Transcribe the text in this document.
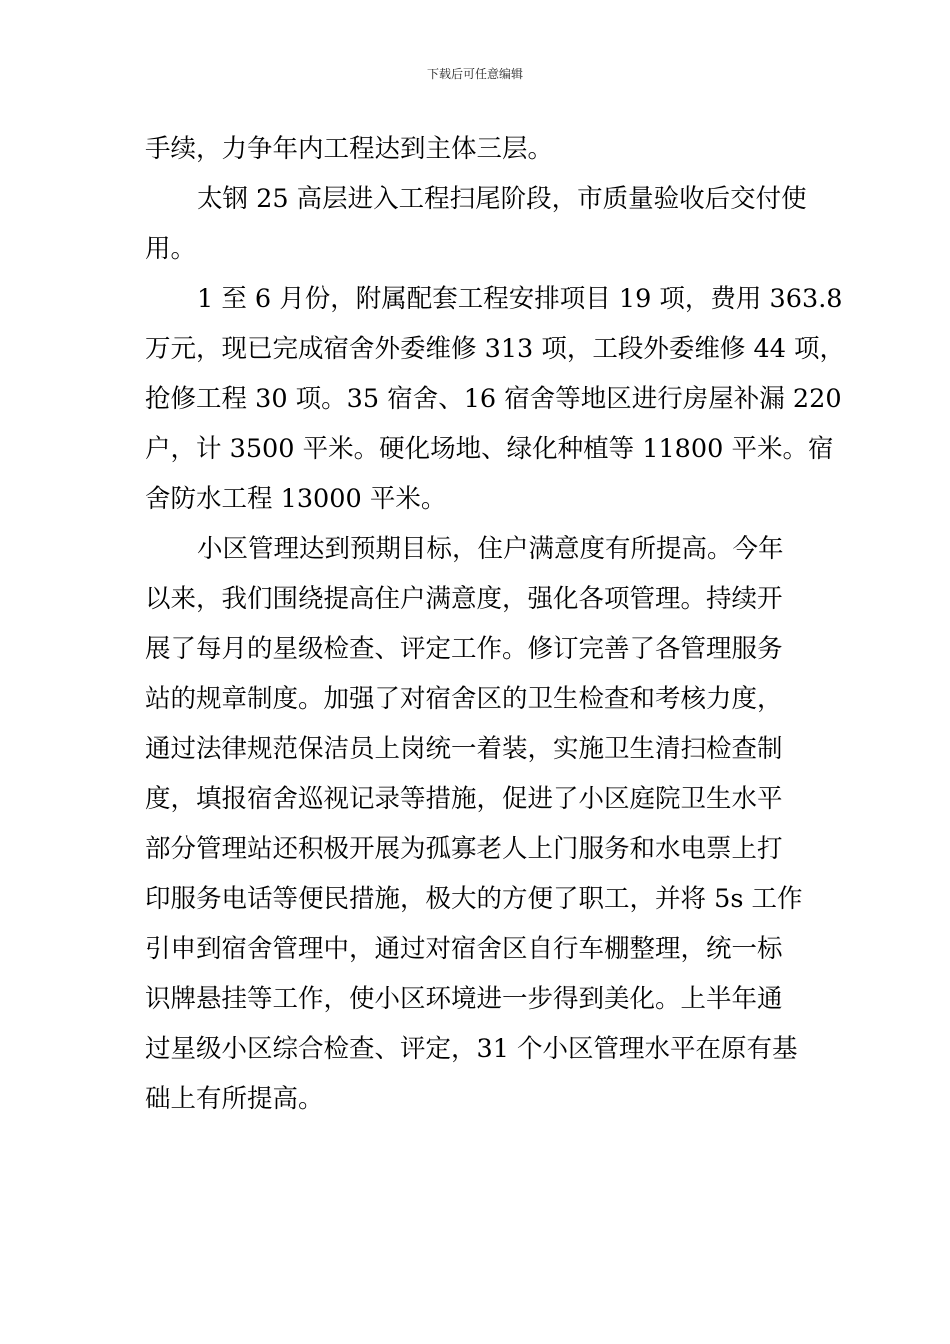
下载后可任意编辑
手续，力争年内工程达到主体三层。
太钢 25 高层进入工程扫尾阶段，市质量验收后交付使
用。
1 至 6 月份，附属配套工程安排项目 19 项，费用 363.8
万元，现已完成宿舍外委维修 313 项，工段外委维修 44 项，
抢修工程 30 项。35 宿舍、16 宿舍等地区进行房屋补漏 220
户，计 3500 平米。硬化场地、绿化种植等 11800 平米。宿
舍防水工程 13000 平米。
小区管理达到预期目标，住户满意度有所提高。今年
以来，我们围绕提高住户满意度，强化各项管理。持续开
展了每月的星级检查、评定工作。修订完善了各管理服务
站的规章制度。加强了对宿舍区的卫生检查和考核力度，
通过法律规范保洁员上岗统一着装，实施卫生清扫检查制
度，填报宿舍巡视记录等措施，促进了小区庭院卫生水平
部分管理站还积极开展为孤寡老人上门服务和水电票上打
印服务电话等便民措施，极大的方便了职工，并将 5s 工作
引申到宿舍管理中，通过对宿舍区自行车棚整理，统一标
识牌悬挂等工作，使小区环境进一步得到美化。上半年通
过星级小区综合检查、评定，31 个小区管理水平在原有基
础上有所提高。
